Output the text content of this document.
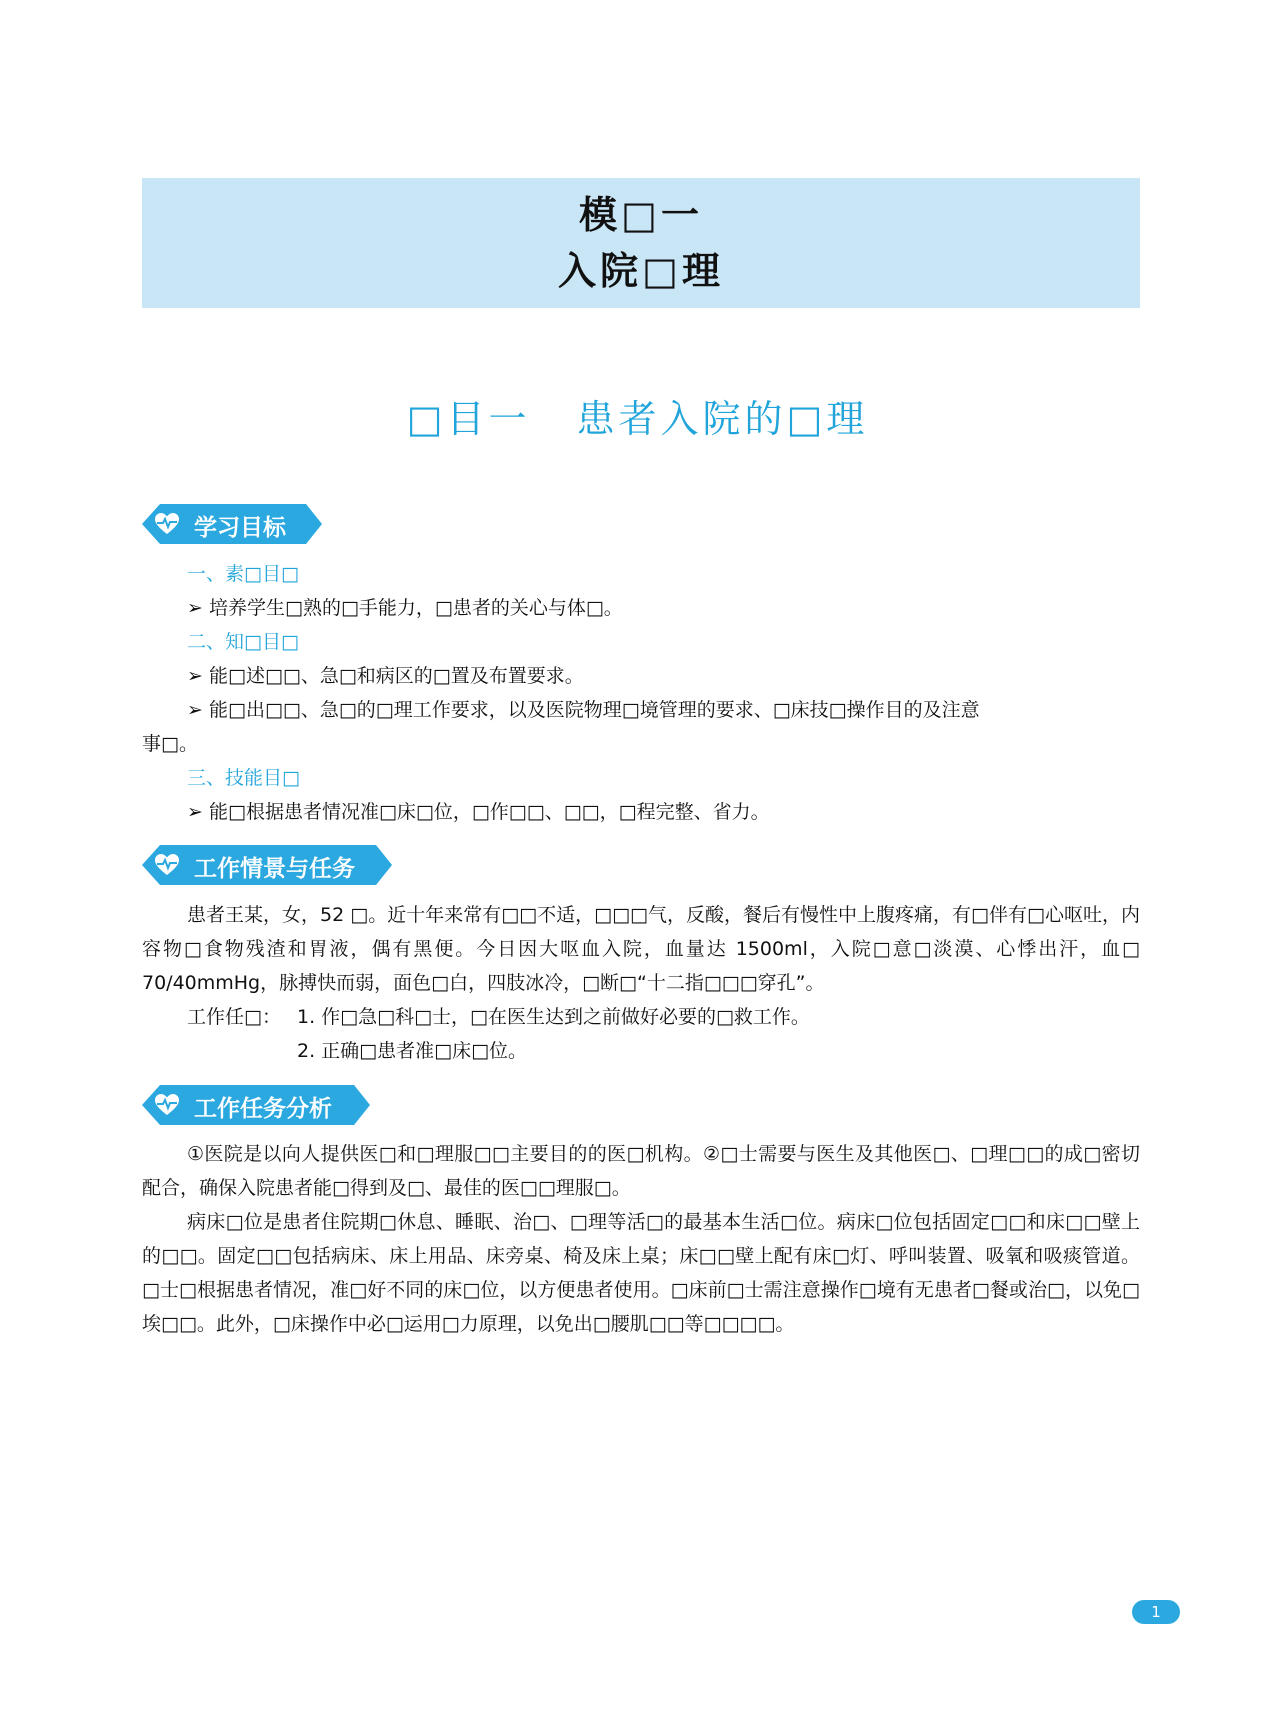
模□一
入院□理
□目一 患者入院的□理
学习目标
一、素□目□
➢ 培养学生□熟的□手能力，□患者的关心与体□。
二、知□目□
➢ 能□述□□、急□和病区的□置及布置要求。
➢ 能□出□□、急□的□理工作要求，以及医院物理□境管理的要求、□床技□操作目的及注意
事□。
三、技能目□
➢ 能□根据患者情况准□床□位，□作□□、□□，□程完整、省力。
工作情景与任务
患者王某，女，52 □。近十年来常有□□不适，□□□气，反酸，餐后有慢性中上腹疼痛，有□伴有□心呕吐，内容物□食物残渣和胃液，偶有黑便。今日因大呕血入院，血量达 1500ml，入院□意□淡漠、心悸出汗，血□ 70/40mmHg，脉搏快而弱，面色□白，四肢冰冷，□断□“十二指□□□穿孔”。
工作任□： 1. 作□急□科□士，□在医生达到之前做好必要的□救工作。
2. 正确□患者准□床□位。
工作任务分析
①医院是以向人提供医□和□理服□□主要目的的医□机构。②□士需要与医生及其他医□、□理□□的成□密切配合，确保入院患者能□得到及□、最佳的医□□理服□。
病床□位是患者住院期□休息、睡眠、治□、□理等活□的最基本生活□位。病床□位包括固定□□和床□□壁上的□□。固定□□包括病床、床上用品、床旁桌、椅及床上桌；床□□壁上配有床□灯、呼叫装置、吸氧和吸痰管道。□士□根据患者情况，准□好不同的床□位，以方便患者使用。□床前□士需注意操作□境有无患者□餐或治□，以免□埃□□。此外，□床操作中必□运用□力原理，以免出□腰肌□□等□□□□。
1
